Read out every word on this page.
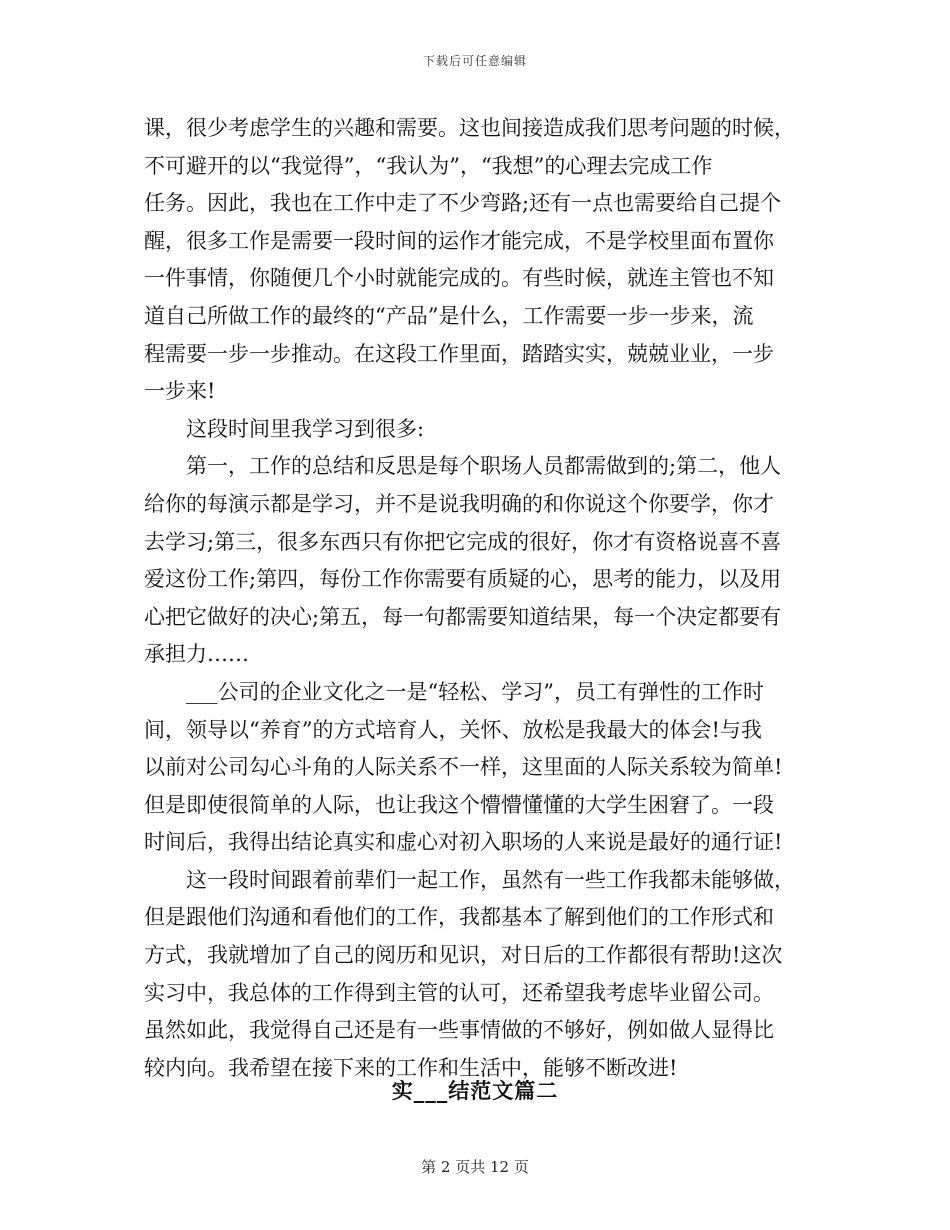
下载后可任意编辑
课，很少考虑学生的兴趣和需要。这也间接造成我们思考问题的时候，
不可避开的以“我觉得”，“我认为”，“我想”的心理去完成工作
任务。因此，我也在工作中走了不少弯路;还有一点也需要给自己提个
醒，很多工作是需要一段时间的运作才能完成，不是学校里面布置你
一件事情，你随便几个小时就能完成的。有些时候，就连主管也不知
道自己所做工作的最终的“产品”是什么，工作需要一步一步来，流
程需要一步一步推动。在这段工作里面，踏踏实实，兢兢业业，一步
一步来!
这段时间里我学习到很多:
第一，工作的总结和反思是每个职场人员都需做到的;第二，他人
给你的每演示都是学习，并不是说我明确的和你说这个你要学，你才
去学习;第三，很多东西只有你把它完成的很好，你才有资格说喜不喜
爱这份工作;第四，每份工作你需要有质疑的心，思考的能力，以及用
心把它做好的决心;第五，每一句都需要知道结果，每一个决定都要有
承担力……
___公司的企业文化之一是“轻松、学习”，员工有弹性的工作时
间，领导以“养育”的方式培育人，关怀、放松是我最大的体会!与我
以前对公司勾心斗角的人际关系不一样，这里面的人际关系较为简单!
但是即使很简单的人际，也让我这个懵懵懂懂的大学生困窘了。一段
时间后，我得出结论真实和虚心对初入职场的人来说是最好的通行证!
这一段时间跟着前辈们一起工作，虽然有一些工作我都未能够做，
但是跟他们沟通和看他们的工作，我都基本了解到他们的工作形式和
方式，我就增加了自己的阅历和见识，对日后的工作都很有帮助!这次
实习中，我总体的工作得到主管的认可，还希望我考虑毕业留公司。
虽然如此，我觉得自己还是有一些事情做的不够好，例如做人显得比
较内向。我希望在接下来的工作和生活中，能够不断改进!
实___结范文篇二
第 2 页共 12 页
